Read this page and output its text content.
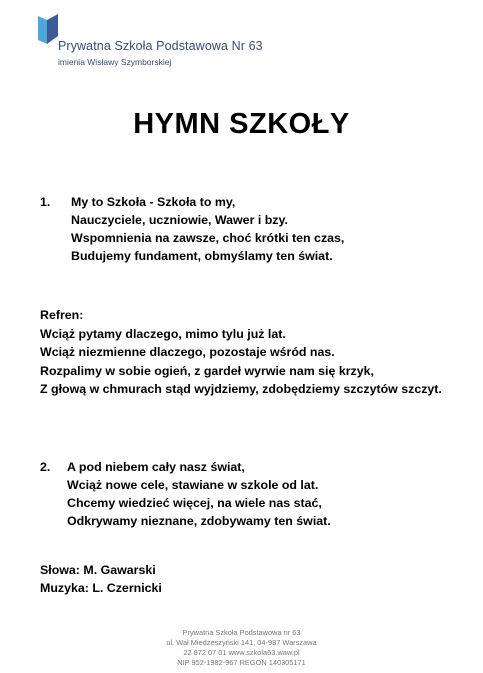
Prywatna Szkoła Podstawowa Nr 63
imienia Wisławy Szymborskiej
HYMN SZKOŁY
1. My to Szkoła - Szkoła to my,
Nauczyciele, uczniowie, Wawer i bzy.
Wspomnienia na zawsze, choć krótki ten czas,
Budujemy fundament, obmyślamy ten świat.
Refren:
Wciąż pytamy dlaczego, mimo tylu już lat.
Wciąż niezmienne dlaczego, pozostaje wśród nas.
Rozpalimy w sobie ogień, z gardeł wyrwie nam się krzyk,
Z głową w chmurach stąd wyjdziemy, zdobędziemy szczytów szczyt.
2. A pod niebem cały nasz świat,
Wciąż nowe cele, stawiane w szkole od lat.
Chcemy wiedzieć więcej, na wiele nas stać,
Odkrywamy nieznane, zdobywamy ten świat.
Słowa: M. Gawarski
Muzyka: L. Czernicki
Prywatna Szkoła Podstawowa nr 63
ul. Wał Miedzeszyński 141, 04-987 Warszawa
22 872 07 01 www.szkola63.waw.pl
NIP 952-1982-967 REGON 140305171
